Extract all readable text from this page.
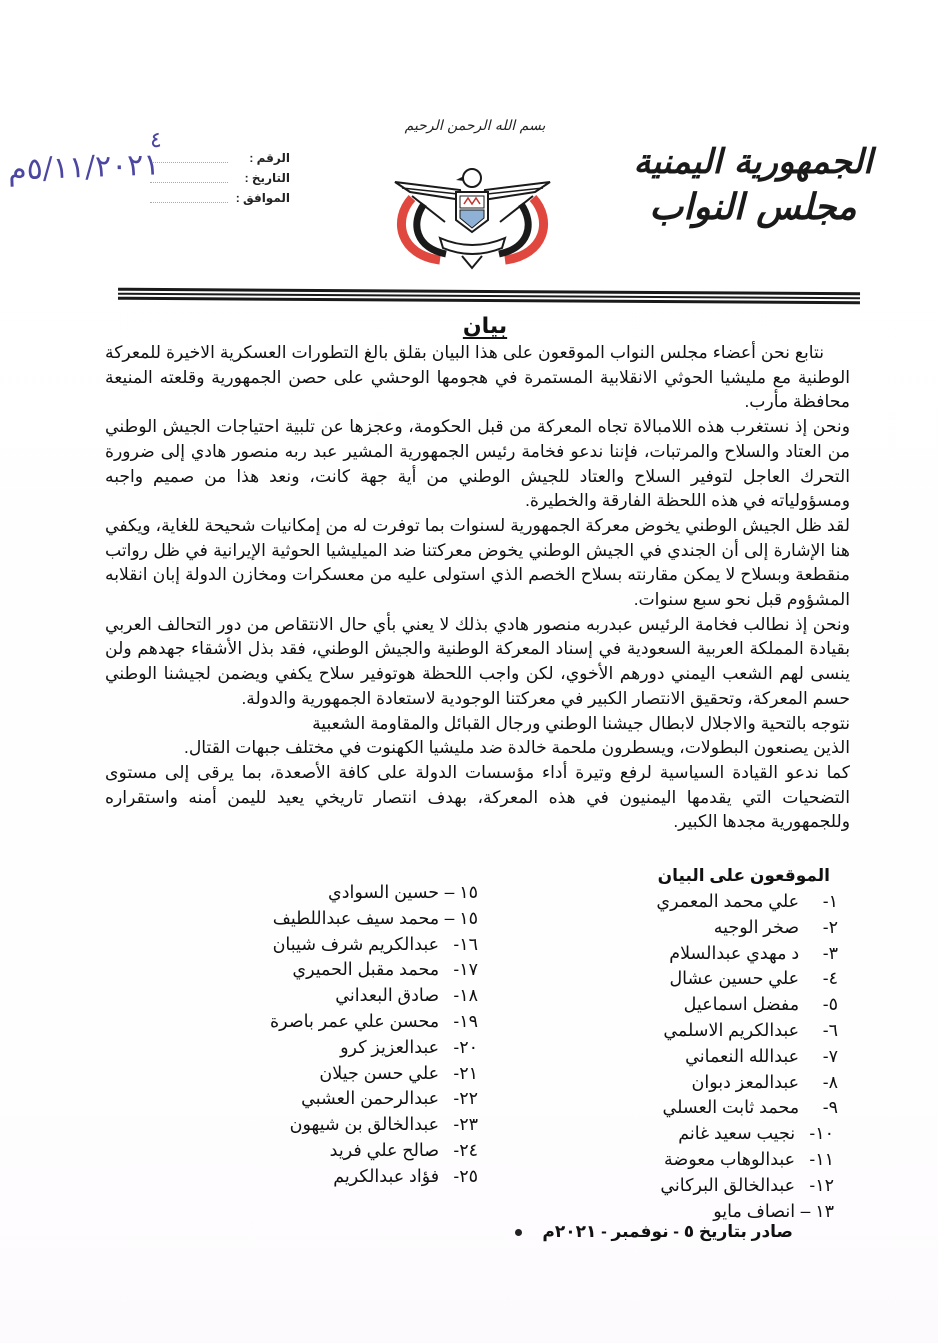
الجمهورية اليمنية
مجلس النواب
بسم الله الرحمن الرحيم
الرقم :
التاريخ :
الموافق :
٤
٥/١١/٢٠٢١م
بيان

نتابع نحن أعضاء مجلس النواب الموقعون على هذا البيان بقلق بالغ التطورات العسكرية الاخيرة للمعركة الوطنية مع مليشيا الحوثي الانقلابية المستمرة في هجومها الوحشي على حصن الجمهورية وقلعته المنيعة محافظة مأرب.

ونحن إذ نستغرب هذه اللامبالاة تجاه المعركة من قبل الحكومة، وعجزها عن تلبية احتياجات الجيش الوطني من العتاد والسلاح والمرتبات، فإننا ندعو فخامة رئيس الجمهورية المشير عبد ربه منصور هادي إلى ضرورة التحرك العاجل لتوفير السلاح والعتاد للجيش الوطني من أية جهة كانت، ونعد هذا من صميم واجبه ومسؤولياته في هذه اللحظة الفارقة والخطيرة.

لقد ظل الجيش الوطني يخوض معركة الجمهورية لسنوات بما توفرت له من إمكانيات شحيحة للغاية، ويكفي هنا الإشارة إلى أن الجندي في الجيش الوطني يخوض معركتنا ضد الميليشيا الحوثية الإيرانية في ظل رواتب منقطعة وبسلاح لا يمكن مقارنته بسلاح الخصم الذي استولى عليه من معسكرات ومخازن الدولة إبان انقلابه المشؤوم قبل نحو سبع سنوات.

ونحن إذ نطالب فخامة الرئيس عبدربه منصور هادي بذلك لا يعني بأي حال الانتقاص من دور التحالف العربي بقيادة المملكة العربية السعودية في إسناد المعركة الوطنية والجيش الوطني، فقد بذل الأشقاء جهدهم ولن ينسى لهم الشعب اليمني دورهم الأخوي، لكن واجب اللحظة هوتوفير سلاح يكفي ويضمن لجيشنا الوطني حسم المعركة، وتحقيق الانتصار الكبير في معركتنا الوجودية لاستعادة الجمهورية والدولة.

نتوجه بالتحية والاجلال لابطال جيشنا الوطني ورجال القبائل والمقاومة الشعبية

الذين يصنعون البطولات، ويسطرون ملحمة خالدة ضد مليشيا الكهنوت في مختلف جبهات القتال.

كما ندعو القيادة السياسية لرفع وتيرة أداء مؤسسات الدولة على كافة الأصعدة، بما يرقى إلى مستوى التضحيات التي يقدمها اليمنيون في هذه المعركة، بهدف انتصار تاريخي يعيد لليمن أمنه واستقراره وللجمهورية مجدها الكبير.

الموقعون على البيان
١- علي محمد المعمري
٢- صخر الوجيه
٣- د مهدي عبدالسلام
٤- علي حسين عشال
٥- مفضل اسماعيل
٦- عبدالكريم الاسلمي
٧- عبدالله النعماني
٨- عبدالمعز دبوان
٩- محمد ثابت العسلي
١٠- نجيب سعيد غانم
١١- عبدالوهاب معوضة
١٢- عبدالخالق البركاني
١٣ – انصاف مايو
١٥ – حسين السوادي
١٥ – محمد سيف عبداللطيف
١٦- عبدالكريم شرف شيبان
١٧- محمد مقبل الحميري
١٨- صادق البعداني
١٩- محسن علي عمر باصرة
٢٠- عبدالعزيز كرو
٢١- علي حسن جيلان
٢٢- عبدالرحمن العشبي
٢٣- عبدالخالق بن شيهون
٢٤- صالح علي فريد
٢٥- فؤاد عبدالكريم
صادر بتاريخ ٥ - نوفمبر - ٢٠٢١م
